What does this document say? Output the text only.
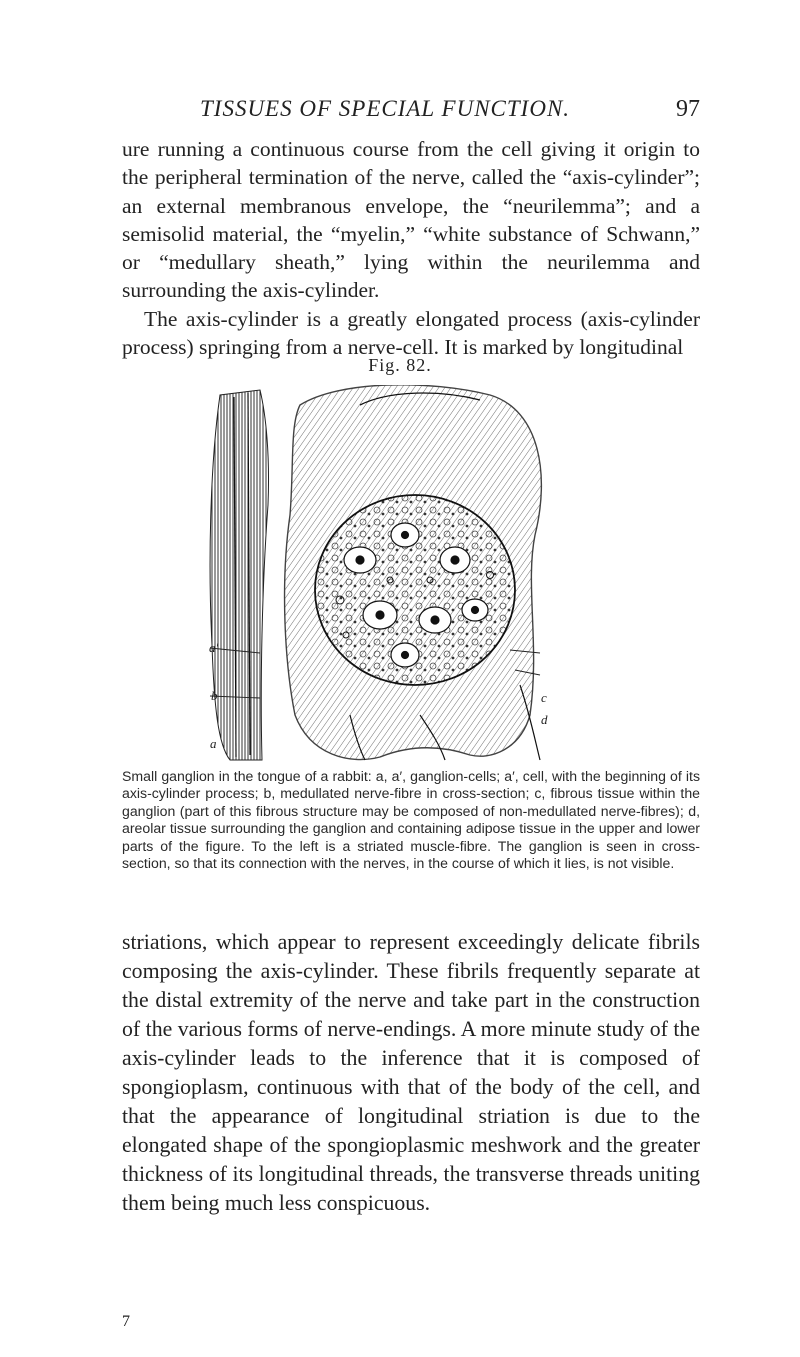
TISSUES OF SPECIAL FUNCTION.	97
ure running a continuous course from the cell giving it origin to the peripheral termination of the nerve, called the “axis-cylinder”; an external membranous envelope, the “neurilemma”; and a semisolid material, the “myelin,” “white substance of Schwann,” or “medullary sheath,” lying within the neurilemma and surrounding the axis-cylinder.
The axis-cylinder is a greatly elongated process (axis-cylinder process) springing from a nerve-cell. It is marked by longitudinal
Fig. 82.
a′
b
a
c
d

Small ganglion in the tongue of a rabbit: a, a′, ganglion-cells; a′, cell, with the beginning of its axis-cylinder process; b, medullated nerve-fibre in cross-section; c, fibrous tissue within the ganglion (part of this fibrous structure may be composed of non-medullated nerve-fibres); d, areolar tissue surrounding the ganglion and containing adipose tissue in the upper and lower parts of the figure. To the left is a striated muscle-fibre. The ganglion is seen in cross-section, so that its connection with the nerves, in the course of which it lies, is not visible.

striations, which appear to represent exceedingly delicate fibrils composing the axis-cylinder. These fibrils frequently separate at the distal extremity of the nerve and take part in the construction of the various forms of nerve-endings. A more minute study of the axis-cylinder leads to the inference that it is composed of spongioplasm, continuous with that of the body of the cell, and that the appearance of longitudinal striation is due to the elongated shape of the spongioplasmic meshwork and the greater thickness of its longitudinal threads, the transverse threads uniting them being much less conspicuous.

7
